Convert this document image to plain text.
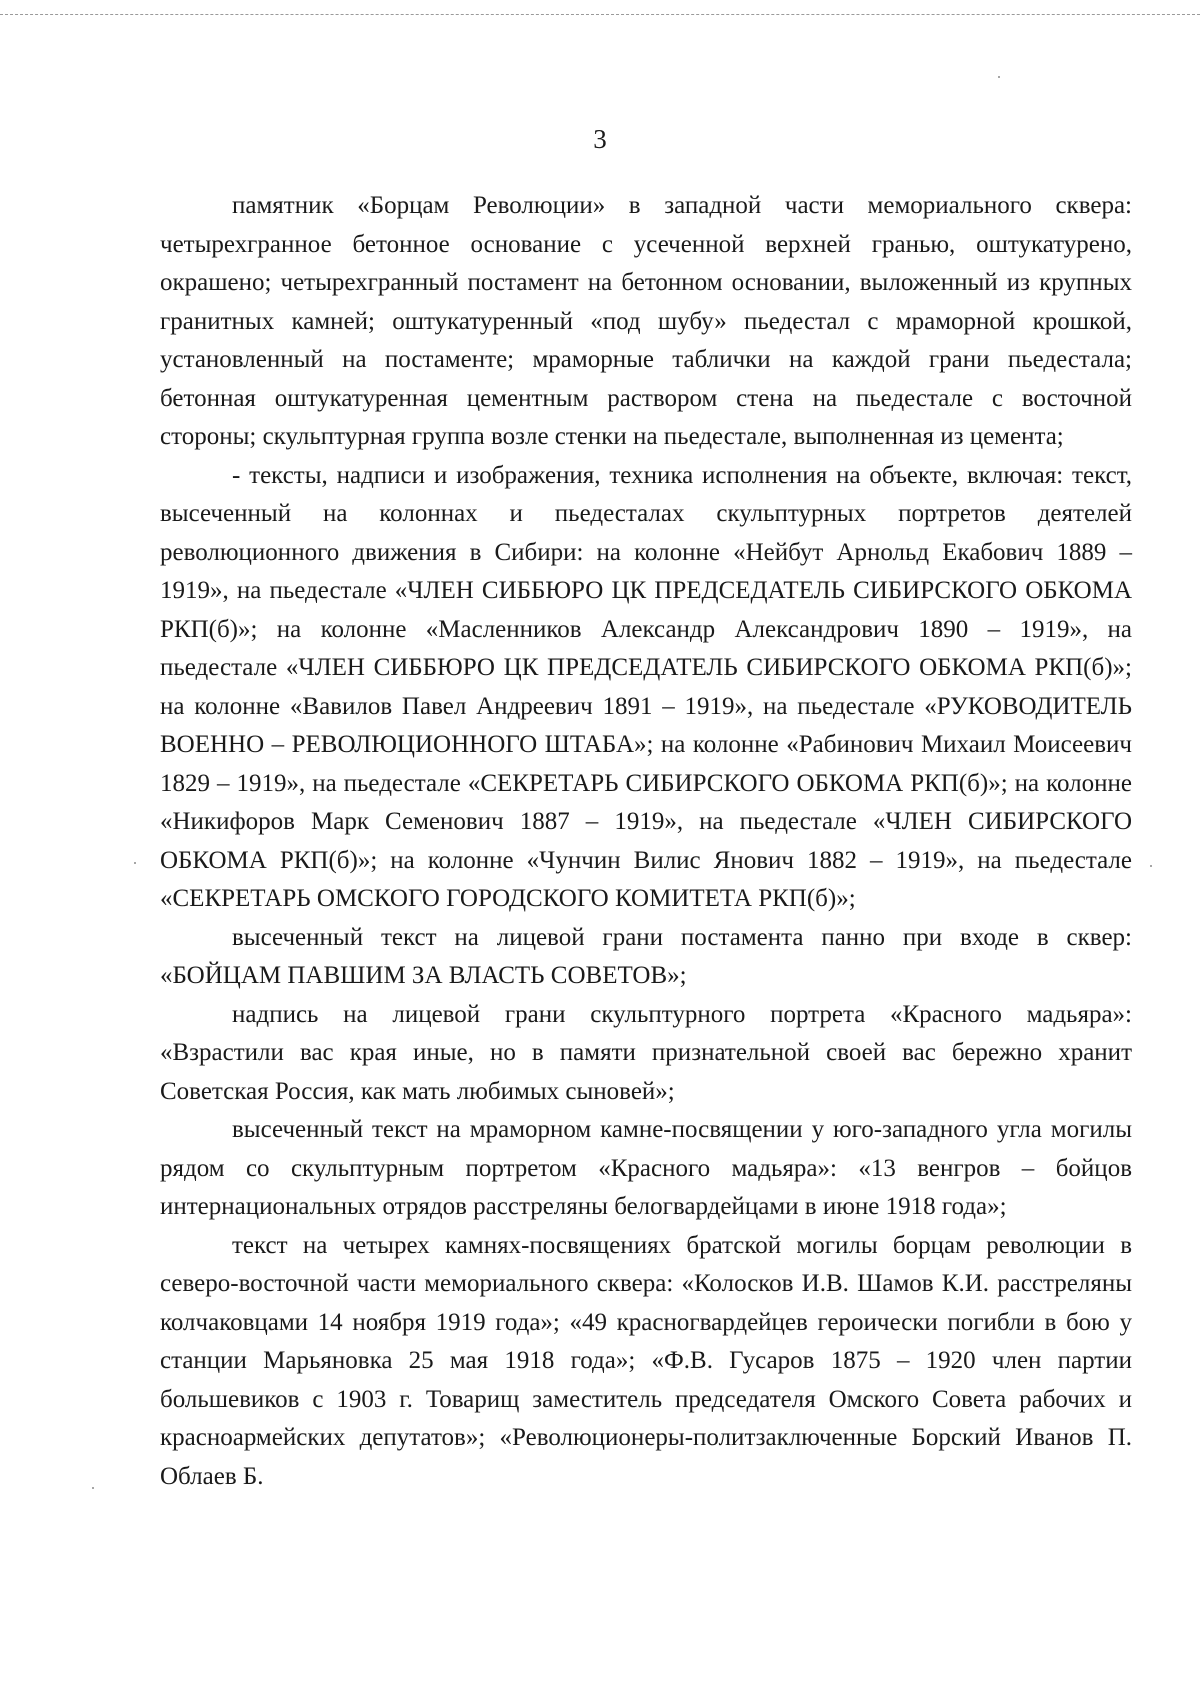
3

памятник «Борцам Революции» в западной части мемориального сквера: четырехгранное бетонное основание с усеченной верхней гранью, оштукатурено, окрашено; четырехгранный постамент на бетонном основании, выложенный из крупных гранитных камней; оштукатуренный «под шубу» пьедестал с мраморной крошкой, установленный на постаменте; мраморные таблички на каждой грани пьедестала; бетонная оштукатуренная цементным раствором стена на пьедестале с восточной стороны; скульптурная группа возле стенки на пьедестале, выполненная из цемента;

- тексты, надписи и изображения, техника исполнения на объекте, включая: текст, высеченный на колоннах и пьедесталах скульптурных портретов деятелей революционного движения в Сибири: на колонне «Нейбут Арнольд Екабович 1889 – 1919», на пьедестале «ЧЛЕН СИББЮРО ЦК ПРЕДСЕДАТЕЛЬ СИБИРСКОГО ОБКОМА РКП(б)»; на колонне «Масленников Александр Александрович 1890 – 1919», на пьедестале «ЧЛЕН СИББЮРО ЦК ПРЕДСЕДАТЕЛЬ СИБИРСКОГО ОБКОМА РКП(б)»; на колонне «Вавилов Павел Андреевич 1891 – 1919», на пьедестале «РУКОВОДИТЕЛЬ ВОЕННО – РЕВОЛЮЦИОННОГО ШТАБА»; на колонне «Рабинович Михаил Моисеевич 1829 – 1919», на пьедестале «СЕКРЕТАРЬ СИБИРСКОГО ОБКОМА РКП(б)»; на колонне «Никифоров Марк Семенович 1887 – 1919», на пьедестале «ЧЛЕН СИБИРСКОГО ОБКОМА РКП(б)»; на колонне «Чунчин Вилис Янович 1882 – 1919», на пьедестале «СЕКРЕТАРЬ ОМСКОГО ГОРОДСКОГО КОМИТЕТА РКП(б)»;

высеченный текст на лицевой грани постамента панно при входе в сквер: «БОЙЦАМ ПАВШИМ ЗА ВЛАСТЬ СОВЕТОВ»;

надпись на лицевой грани скульптурного портрета «Красного мадьяра»: «Взрастили вас края иные, но в памяти признательной своей вас бережно хранит Советская Россия, как мать любимых сыновей»;

высеченный текст на мраморном камне-посвящении у юго-западного угла могилы рядом со скульптурным портретом «Красного мадьяра»: «13 венгров – бойцов интернациональных отрядов расстреляны белогвардейцами в июне 1918 года»;

текст на четырех камнях-посвящениях братской могилы борцам революции в северо-восточной части мемориального сквера: «Колосков И.В. Шамов К.И. расстреляны колчаковцами 14 ноября 1919 года»; «49 красногвардейцев героически погибли в бою у станции Марьяновка 25 мая 1918 года»; «Ф.В. Гусаров 1875 – 1920 член партии большевиков с 1903 г. Товарищ заместитель председателя Омского Совета рабочих и красноармейских депутатов»; «Революционеры-политзаключенные Борский Иванов П. Облаев Б.
